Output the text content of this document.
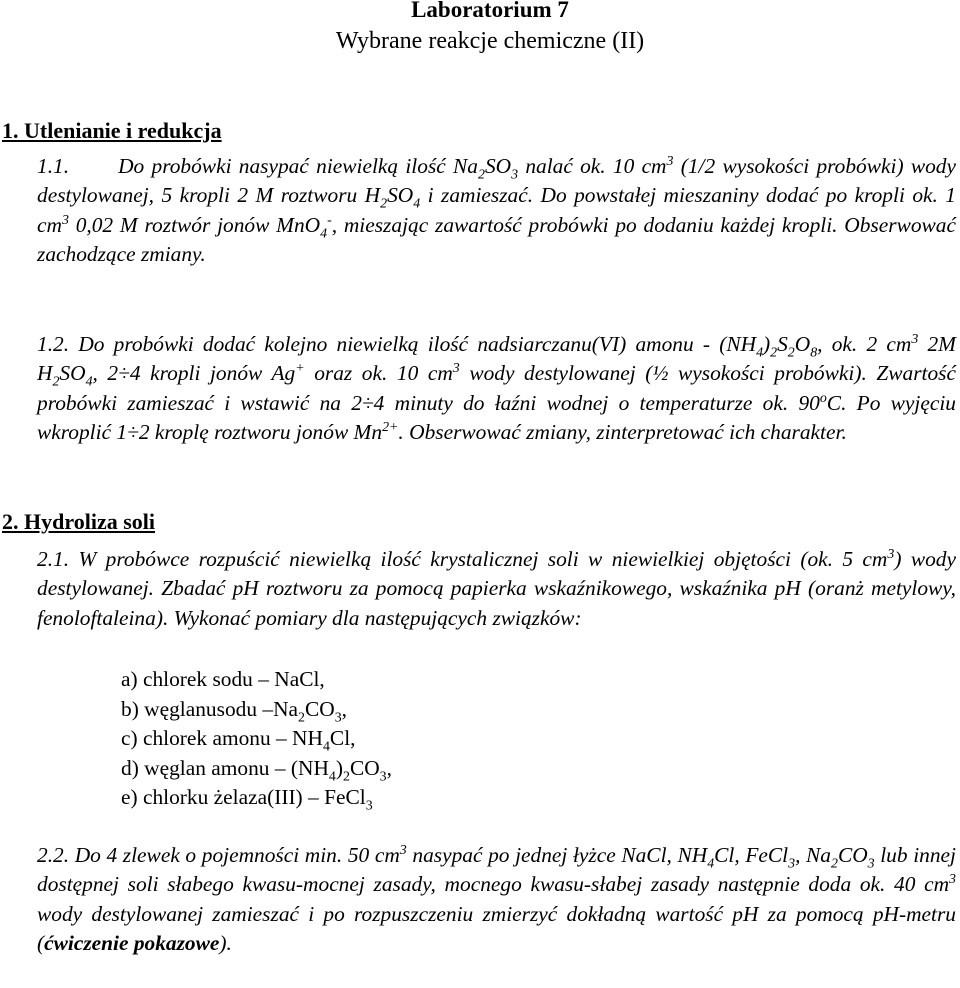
Laboratorium 7
Wybrane reakcje chemiczne (II)
1. Utlenianie i redukcja
1.1. Do probówki nasypać niewielką ilość $Na_2SO_3$ nalać ok. 10 $cm^3$ (1/2 wysokości probówki) wody destylowanej, 5 kropli 2 M roztworu $H_2SO_4$ i zamieszać. Do powstałej mieszaniny dodać po kropli ok. 1 $cm^3$ 0,02 M roztwór jonów MnO$_4$-, mieszając zawartość probówki po dodaniu każdej kropli. Obserwować zachodzące zmiany.
1.2. Do probówki dodać kolejno niewielką ilość nadsiarczanu(VI) amonu - $(NH_4)_2S_2O_8$, ok. 2 $cm^3$ 2M $H_2SO_4$, 2÷4 kropli jonów Ag+ oraz ok. 10 $cm^3$ wody destylowanej (½ wysokości probówki). Zwartość probówki zamieszać i wstawić na 2÷4 minuty do łaźni wodnej o temperaturze ok. 90$^o$C. Po wyjęciu wkroplić 1÷2 kroplę roztworu jonów $Mn^{2+}$. Obserwować zmiany, zinterpretować ich charakter.
2. Hydroliza soli
2.1. W probówce rozpuścić niewielką ilość krystalicznej soli w niewielkiej objętości (ok. 5 $cm^3$) wody destylowanej. Zbadać pH roztworu za pomocą papierka wskaźnikowego, wskaźnika pH (oranż metylowy, fenoloftaleina). Wykonać pomiary dla następujących związków:
a) chlorek sodu – NaCl,
b) węglanusodu $-Na_2CO_3$,
c) chlorek amonu – $NH_4Cl$,
d) węglan amonu – $(NH_4)_2CO_3$,
e) chlorku żelaza(III) – FeCl$_3$
2.2. Do 4 zlewek o pojemności min. 50 $cm^3$ nasypać po jednej łyżce NaCl, $NH_4Cl$, FeCl$_3$, $Na_2CO_3$ lub innej dostępnej soli słabego kwasu-mocnej zasady, mocnego kwasu-słabej zasady następnie doda ok. 40 $cm^3$ wody destylowanej zamieszać i po rozpuszczeniu zmierzyć dokładną wartość pH za pomocą pH-metru (ćwiczenie pokazowe).
